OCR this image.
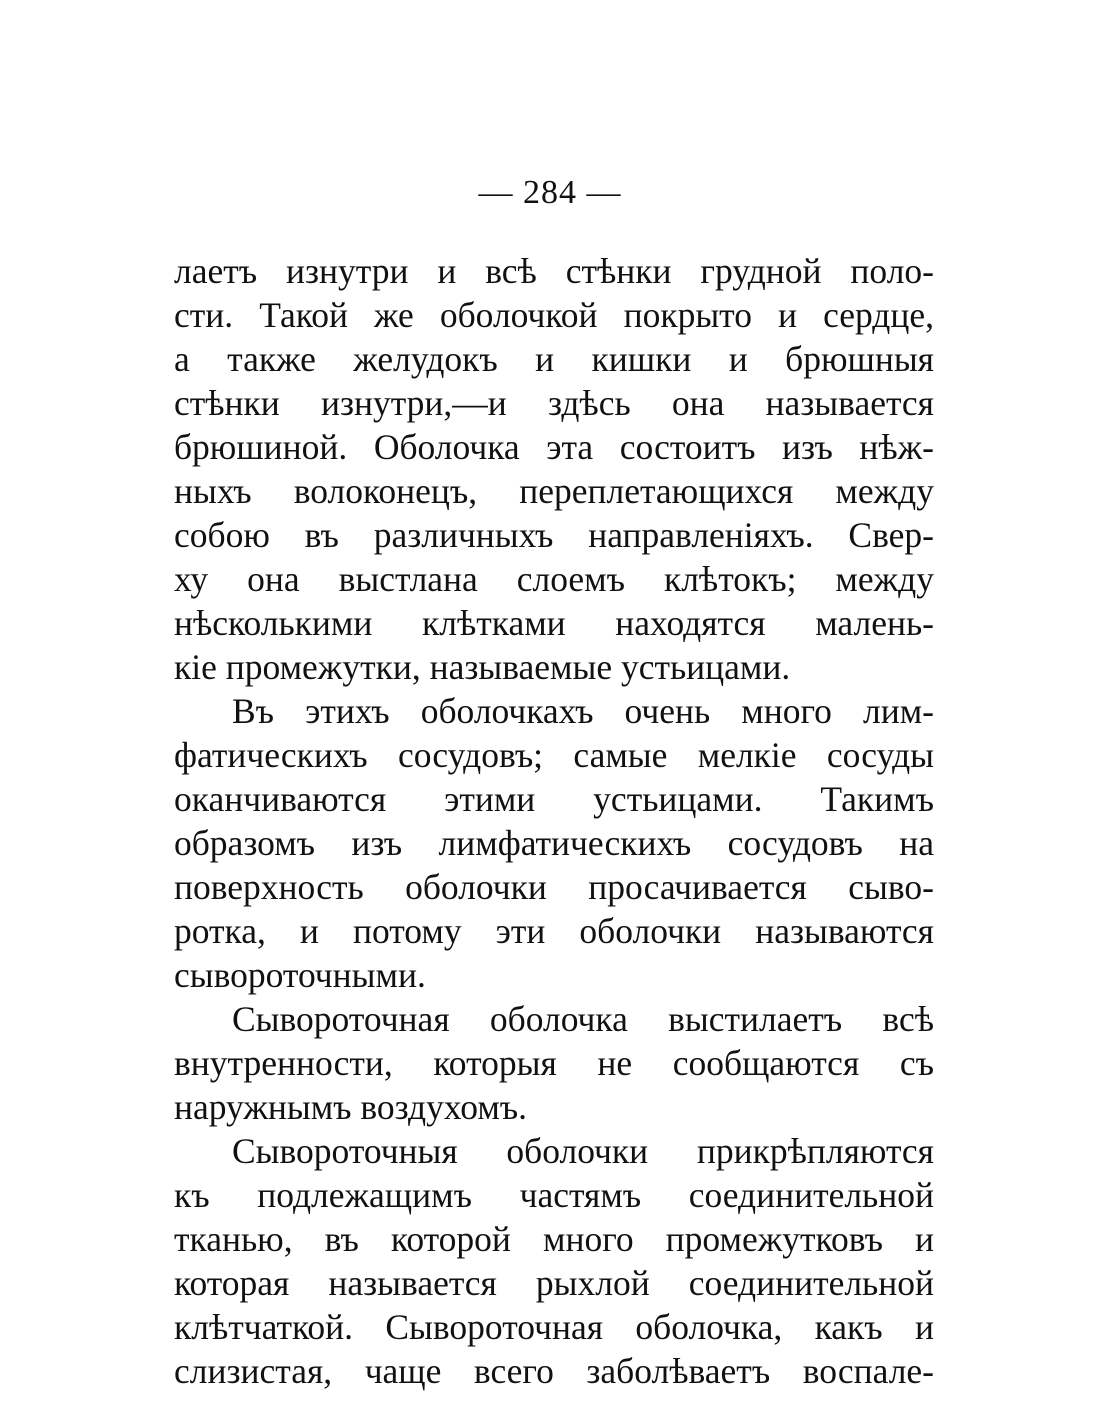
— 284 —
лаетъ изнутри и всѣ стѣнки грудной поло-
сти. Такой же оболочкой покрыто и сердце,
а также желудокъ и кишки и брюшныя
стѣнки изнутри,—и здѣсь она называется
брюшиной. Оболочка эта состоитъ изъ нѣж-
ныхъ волоконецъ, переплетающихся между
собою въ различныхъ направленіяхъ. Свер-
ху она выстлана слоемъ клѣтокъ; между
нѣсколькими клѣтками находятся малень-
кіе промежутки, называемые устьицами.
Въ этихъ оболочкахъ очень много лим-
фатическихъ сосудовъ; самые мелкіе сосуды
оканчиваются этими устьицами. Такимъ
образомъ изъ лимфатическихъ сосудовъ на
поверхность оболочки просачивается сыво-
ротка, и потому эти оболочки называются
сывороточными.
Сывороточная оболочка выстилаетъ всѣ
внутренности, которыя не сообщаются съ
наружнымъ воздухомъ.
Сывороточныя оболочки прикрѣпляются
къ подлежащимъ частямъ соединительной
тканью, въ которой много промежутковъ и
которая называется рыхлой соединительной
клѣтчаткой. Сывороточная оболочка, какъ и
слизистая, чаще всего заболѣваетъ воспале-
